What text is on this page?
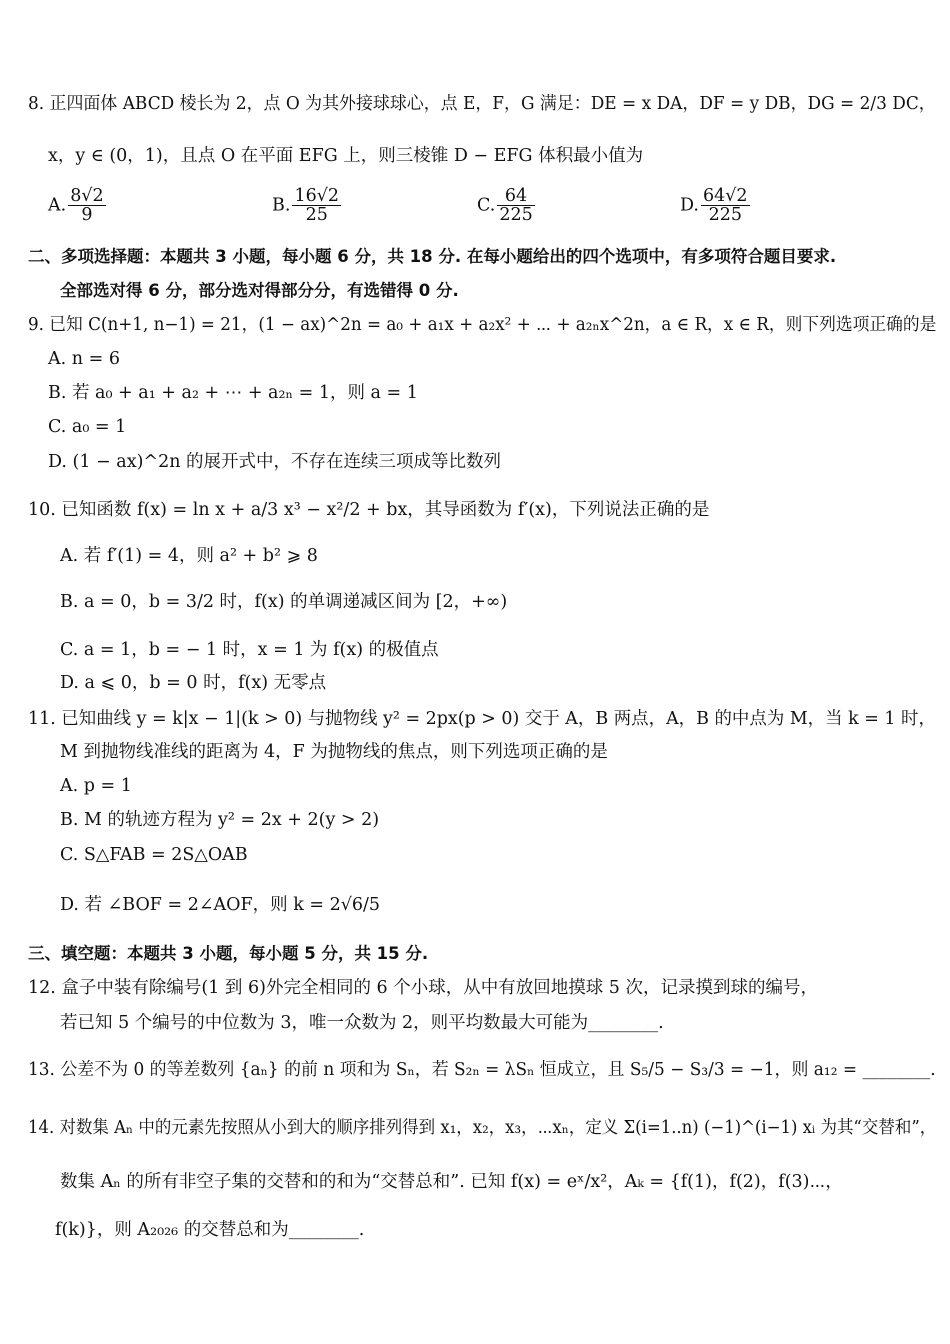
8. 正四面体 ABCD 棱长为 2，点 O 为其外接球球心，点 E，F，G 满足：DE = x DA，DF = y DB，DG = 2/3 DC，
x，y ∈ (0，1)，且点 O 在平面 EFG 上，则三棱锥 D − EFG 体积最小值为
A. $\frac{8√2}{9}$	B. $\frac{16√2}{25}$	C. $\frac{64}{225}$	D. $\frac{64√2}{225}$
二、多项选择题：本题共 3 小题，每小题 6 分，共 18 分. 在每小题给出的四个选项中，有多项符合题目要求.
全部选对得 6 分，部分选对得部分分，有选错得 0 分.
9. 已知 C(n+1, n−1) = 21，(1 − ax)^2n = a₀ + a₁x + a₂x² + ⋯ + a₂ₙx^2n，a ∈ R，x ∈ R，则下列选项正确的是
A. n = 6
B. 若 a₀ + a₁ + a₂ + ⋯ + a₂ₙ = 1，则 a = 1
C. a₀ = 1
D. (1 − ax)^2n 的展开式中，不存在连续三项成等比数列
10. 已知函数 f(x) = ln x + a/3 x³ − x²/2 + bx，其导函数为 f′(x)，下列说法正确的是
A. 若 f′(1) = 4，则 a² + b² ⩾ 8
B. a = 0，b = 3/2 时，f(x) 的单调递减区间为 [2，+∞)
C. a = 1，b = − 1 时，x = 1 为 f(x) 的极值点
D. a ⩽ 0，b = 0 时，f(x) 无零点
11. 已知曲线 y = k|x − 1|(k > 0) 与抛物线 y² = 2px(p > 0) 交于 A，B 两点，A，B 的中点为 M，当 k = 1 时，
M 到抛物线准线的距离为 4，F 为抛物线的焦点，则下列选项正确的是
A. p = 1
B. M 的轨迹方程为 y² = 2x + 2(y > 2)
C. S△FAB = 2S△OAB
D. 若 ∠BOF = 2∠AOF，则 k = 2√6/5
三、填空题：本题共 3 小题，每小题 5 分，共 15 分.
12. 盒子中装有除编号(1 到 6)外完全相同的 6 个小球，从中有放回地摸球 5 次，记录摸到球的编号，
若已知 5 个编号的中位数为 3，唯一众数为 2，则平均数最大可能为________.
13. 公差不为 0 的等差数列 {aₙ} 的前 n 项和为 Sₙ，若 S₂ₙ = λSₙ 恒成立，且 S₅/5 − S₃/3 = −1，则 a₁₂ = ________.
14. 对数集 Aₙ 中的元素先按照从小到大的顺序排列得到 x₁，x₂，x₃，⋯xₙ，定义 Σ(i=1..n) (−1)^(i−1) xᵢ 为其“交替和”，
数集 Aₙ 的所有非空子集的交替和的和为“交替总和”. 已知 f(x) = eˣ/x²，Aₖ = {f(1)，f(2)，f(3)⋯，
f(k)}，则 A₂₀₂₆ 的交替总和为________.
